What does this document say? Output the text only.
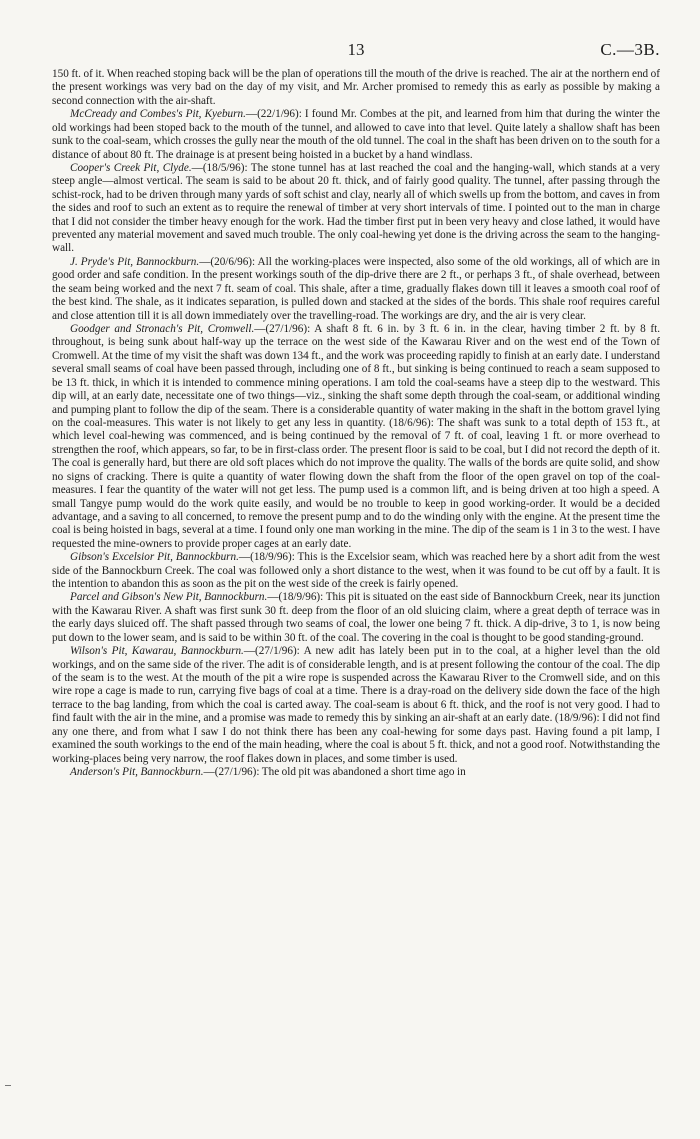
13	C.—3B.

150 ft. of it. When reached stoping back will be the plan of operations till the mouth of the drive is reached. The air at the northern end of the present workings was very bad on the day of my visit, and Mr. Archer promised to remedy this as early as possible by making a second connection with the air-shaft.

McCready and Combes's Pit, Kyeburn.—(22/1/96): I found Mr. Combes at the pit, and learned from him that during the winter the old workings had been stoped back to the mouth of the tunnel, and allowed to cave into that level. Quite lately a shallow shaft has been sunk to the coal-seam, which crosses the gully near the mouth of the old tunnel. The coal in the shaft has been driven on to the south for a distance of about 80 ft. The drainage is at present being hoisted in a bucket by a hand windlass.

Cooper's Creek Pit, Clyde.—(18/5/96): The stone tunnel has at last reached the coal and the hanging-wall, which stands at a very steep angle—almost vertical. The seam is said to be about 20 ft. thick, and of fairly good quality. The tunnel, after passing through the schist-rock, had to be driven through many yards of soft schist and clay, nearly all of which swells up from the bottom, and caves in from the sides and roof to such an extent as to require the renewal of timber at very short intervals of time. I pointed out to the man in charge that I did not consider the timber heavy enough for the work. Had the timber first put in been very heavy and close lathed, it would have prevented any material movement and saved much trouble. The only coal-hewing yet done is the driving across the seam to the hanging-wall.

J. Pryde's Pit, Bannockburn.—(20/6/96): All the working-places were inspected, also some of the old workings, all of which are in good order and safe condition. In the present workings south of the dip-drive there are 2 ft., or perhaps 3 ft., of shale overhead, between the seam being worked and the next 7 ft. seam of coal. This shale, after a time, gradually flakes down till it leaves a smooth coal roof of the best kind. The shale, as it indicates separation, is pulled down and stacked at the sides of the bords. This shale roof requires careful and close attention till it is all down immediately over the travelling-road. The workings are dry, and the air is very clear.

Goodger and Stronach's Pit, Cromwell.—(27/1/96): A shaft 8 ft. 6 in. by 3 ft. 6 in. in the clear, having timber 2 ft. by 8 ft. throughout, is being sunk about half-way up the terrace on the west side of the Kawarau River and on the west end of the Town of Cromwell. At the time of my visit the shaft was down 134 ft., and the work was proceeding rapidly to finish at an early date. I understand several small seams of coal have been passed through, including one of 8 ft., but sinking is being continued to reach a seam supposed to be 13 ft. thick, in which it is intended to commence mining operations. I am told the coal-seams have a steep dip to the westward. This dip will, at an early date, necessitate one of two things—viz., sinking the shaft some depth through the coal-seam, or additional winding and pumping plant to follow the dip of the seam. There is a considerable quantity of water making in the shaft in the bottom gravel lying on the coal-measures. This water is not likely to get any less in quantity. (18/6/96): The shaft was sunk to a total depth of 153 ft., at which level coal-hewing was commenced, and is being continued by the removal of 7 ft. of coal, leaving 1 ft. or more overhead to strengthen the roof, which appears, so far, to be in first-class order. The present floor is said to be coal, but I did not record the depth of it. The coal is generally hard, but there are old soft places which do not improve the quality. The walls of the bords are quite solid, and show no signs of cracking. There is quite a quantity of water flowing down the shaft from the floor of the open gravel on top of the coal-measures. I fear the quantity of the water will not get less. The pump used is a common lift, and is being driven at too high a speed. A small Tangye pump would do the work quite easily, and would be no trouble to keep in good working-order. It would be a decided advantage, and a saving to all concerned, to remove the present pump and to do the winding only with the engine. At the present time the coal is being hoisted in bags, several at a time. I found only one man working in the mine. The dip of the seam is 1 in 3 to the west. I have requested the mine-owners to provide proper cages at an early date.

Gibson's Excelsior Pit, Bannockburn.—(18/9/96): This is the Excelsior seam, which was reached here by a short adit from the west side of the Bannockburn Creek. The coal was followed only a short distance to the west, when it was found to be cut off by a fault. It is the intention to abandon this as soon as the pit on the west side of the creek is fairly opened.

Parcel and Gibson's New Pit, Bannockburn.—(18/9/96): This pit is situated on the east side of Bannockburn Creek, near its junction with the Kawarau River. A shaft was first sunk 30 ft. deep from the floor of an old sluicing claim, where a great depth of terrace was in the early days sluiced off. The shaft passed through two seams of coal, the lower one being 7 ft. thick. A dip-drive, 3 to 1, is now being put down to the lower seam, and is said to be within 30 ft. of the coal. The covering in the coal is thought to be good standing-ground.

Wilson's Pit, Kawarau, Bannockburn.—(27/1/96): A new adit has lately been put in to the coal, at a higher level than the old workings, and on the same side of the river. The adit is of considerable length, and is at present following the contour of the coal. The dip of the seam is to the west. At the mouth of the pit a wire rope is suspended across the Kawarau River to the Cromwell side, and on this wire rope a cage is made to run, carrying five bags of coal at a time. There is a dray-road on the delivery side down the face of the high terrace to the bag landing, from which the coal is carted away. The coal-seam is about 6 ft. thick, and the roof is not very good. I had to find fault with the air in the mine, and a promise was made to remedy this by sinking an air-shaft at an early date. (18/9/96): I did not find any one there, and from what I saw I do not think there has been any coal-hewing for some days past. Having found a pit lamp, I examined the south workings to the end of the main heading, where the coal is about 5 ft. thick, and not a good roof. Notwithstanding the working-places being very narrow, the roof flakes down in places, and some timber is used.

Anderson's Pit, Bannockburn.—(27/1/96): The old pit was abandoned a short time ago in
